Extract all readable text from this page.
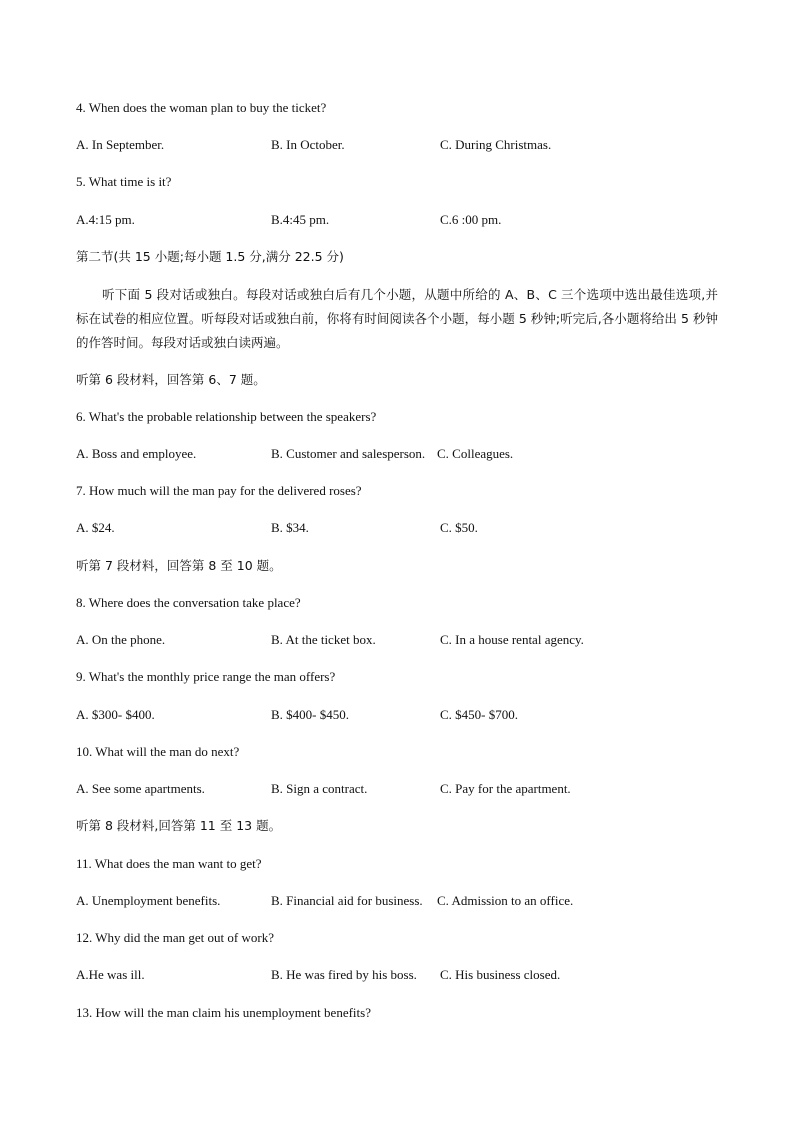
4. When does the woman plan to buy the ticket?
A. In September.	B. In October.	C. During Christmas.
5. What time is it?
A.4:15 pm.	B.4:45 pm.	C.6 :00 pm.
第二节(共 15 小题;每小题 1.5 分,满分 22.5 分)
听下面 5 段对话或独白。每段对话或独白后有几个小题，从题中所给的 A、B、C 三个选项中选出最佳选项,并标在试卷的相应位置。听每段对话或独白前，你将有时间阅读各个小题，每小题 5 秒钟;听完后,各小题将给出 5 秒钟的作答时间。每段对话或独白读两遍。
听第 6 段材料，回答第 6、7 题。
6. What's the probable relationship between the speakers?
A. Boss and employee.	B. Customer and salesperson. C. Colleagues.
7. How much will the man pay for the delivered roses?
A. $24.	B. $34.	C. $50.
听第 7 段材料，回答第 8 至 10 题。
8. Where does the conversation take place?
A. On the phone.	B. At the ticket box.	C. In a house rental agency.
9. What's the monthly price range the man offers?
A. $300- $400.	B. $400- $450.	C. $450- $700.
10. What will the man do next?
A. See some apartments.	B. Sign a contract.	C. Pay for the apartment.
听第 8 段材料,回答第 11 至 13 题。
11. What does the man want to get?
A. Unemployment benefits.	B. Financial aid for business. C. Admission to an office.
12. Why did the man get out of work?
A.He was ill.	B. He was fired by his boss. C. His business closed.
13. How will the man claim his unemployment benefits?
